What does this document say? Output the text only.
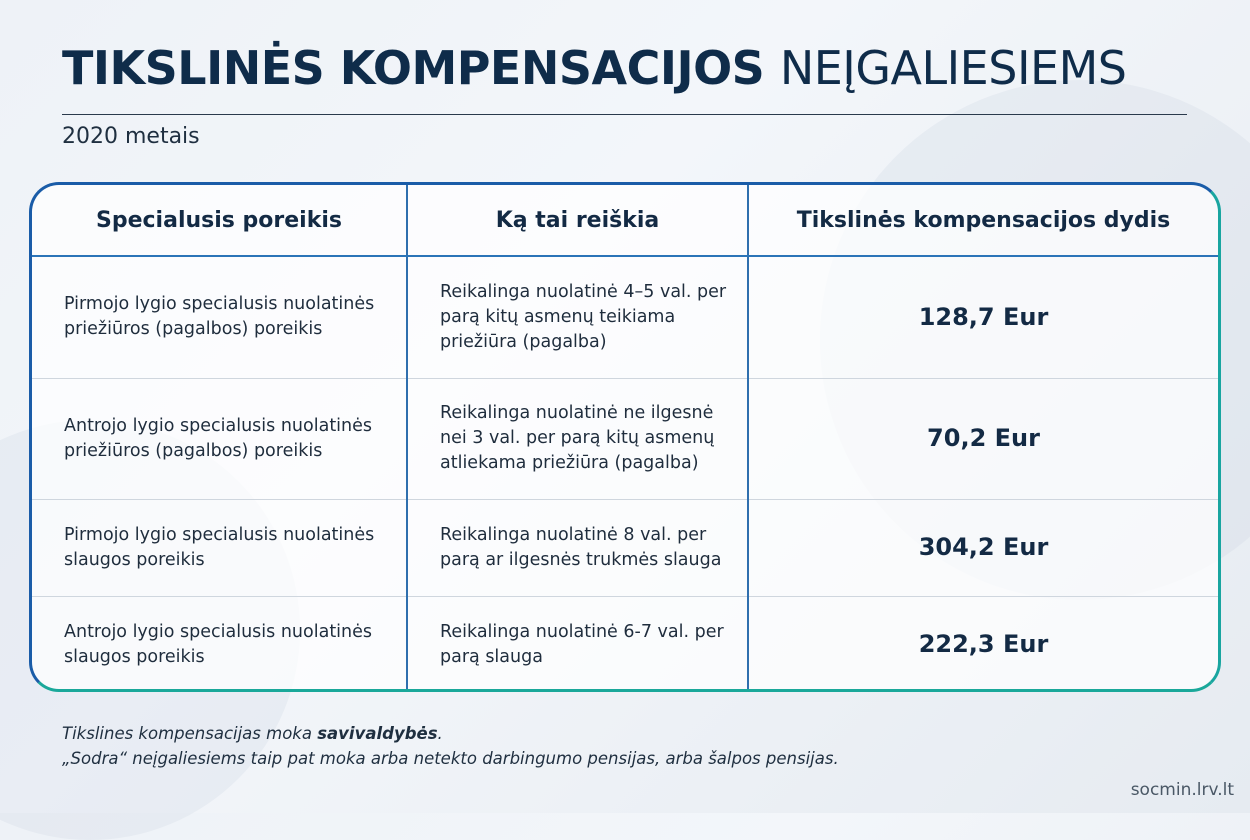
TIKSLINĖS KOMPENSACIJOS NEĮGALIESIEMS
2020 metais
Specialusis poreikis	Ką tai reiškia	Tikslinės kompensacijos dydis
Pirmojo lygio specialusis nuolatinės priežiūros (pagalbos) poreikis	Reikalinga nuolatinė 4–5 val. per parą kitų asmenų teikiama priežiūra (pagalba)	128,7 Eur
Antrojo lygio specialusis nuolatinės priežiūros (pagalbos) poreikis	Reikalinga nuolatinė ne ilgesnė nei 3 val. per parą kitų asmenų atliekama priežiūra (pagalba)	70,2 Eur
Pirmojo lygio specialusis nuolatinės slaugos poreikis	Reikalinga nuolatinė 8 val. per parą ar ilgesnės trukmės slauga	304,2 Eur
Antrojo lygio specialusis nuolatinės slaugos poreikis	Reikalinga nuolatinė 6-7 val. per parą slauga	222,3 Eur
Tikslines kompensacijas moka savivaldybės.
„Sodra“ neįgaliesiems taip pat moka arba netekto darbingumo pensijas, arba šalpos pensijas.
socmin.lrv.lt
